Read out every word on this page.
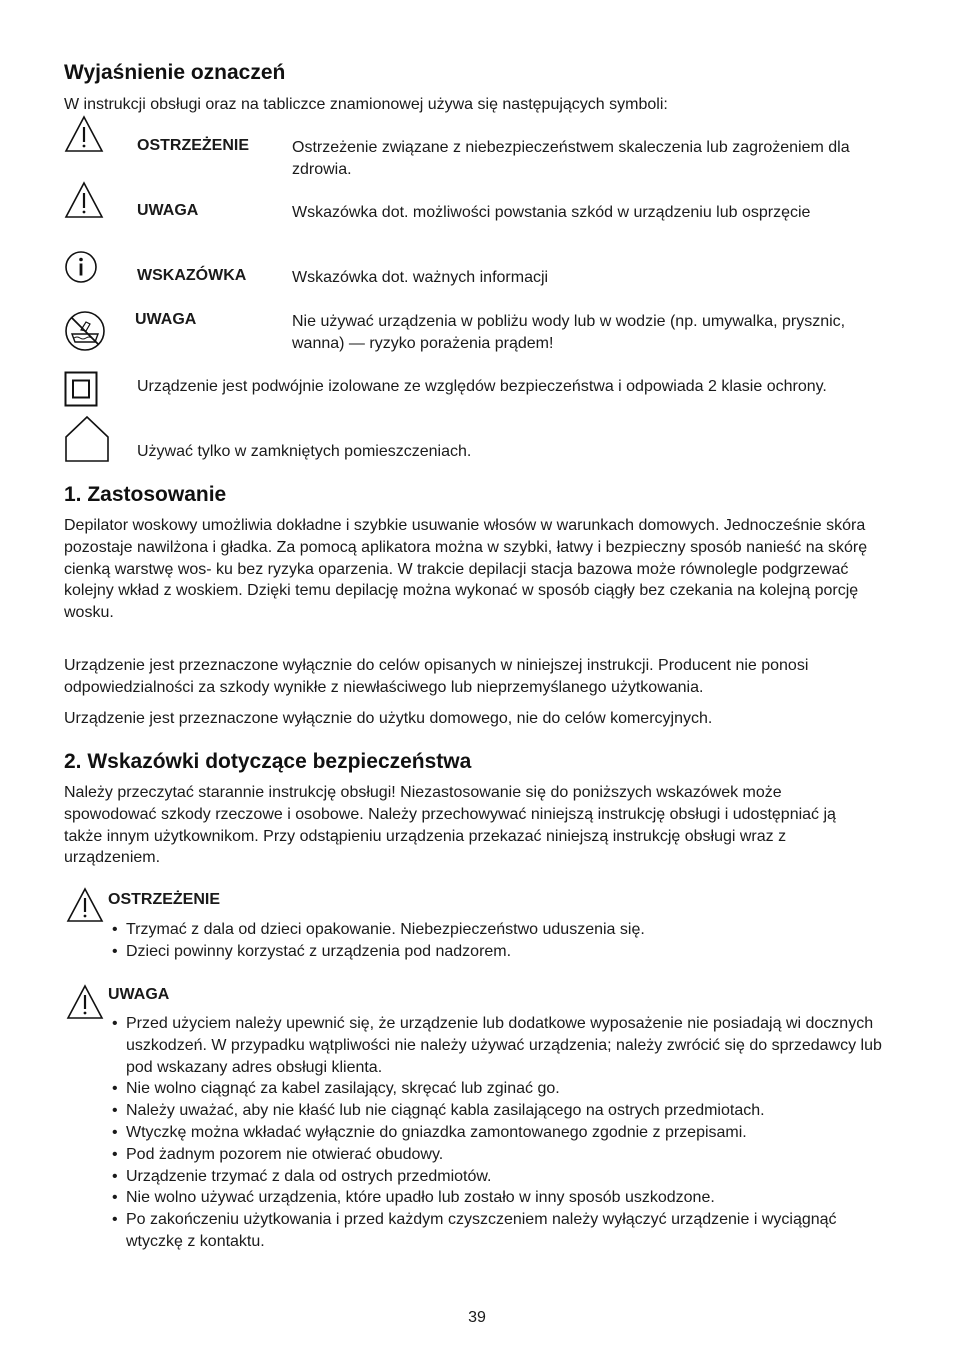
Wyjaśnienie oznaczeń

W instrukcji obsługi oraz na tabliczce znamionowej używa się następujących symboli:

OSTRZEŻENIE	Ostrzeżenie związane z niebezpieczeństwem skaleczenia lub zagrożeniem dla zdrowia.
UWAGA	Wskazówka dot. możliwości powstania szkód w urządzeniu lub osprzęcie
WSKAZÓWKA	Wskazówka dot. ważnych informacji
UWAGA	Nie używać urządzenia w pobliżu wody lub w wodzie (np. umywalka, prysznic, wanna) — ryzyko porażenia prądem!
Urządzenie jest podwójnie izolowane ze względów bezpieczeństwa i odpowiada 2 klasie ochrony.
Używać tylko w zamkniętych pomieszczeniach.
1. Zastosowanie

Depilator woskowy umożliwia dokładne i szybkie usuwanie włosów w warunkach domowych. Jednocześnie skóra pozostaje nawilżona i gładka. Za pomocą aplikatora można w szybki, łatwy i bezpieczny sposób nanieść na skórę cienką warstwę wos- ku bez ryzyka oparzenia. W trakcie depilacji stacja bazowa może równolegle podgrzewać kolejny wkład z woskiem. Dzięki temu depilację można wykonać w sposób ciągły bez czekania na kolejną porcję wosku.

Urządzenie jest przeznaczone wyłącznie do celów opisanych w niniejszej instrukcji. Producent nie ponosi odpowiedzialności za szkody wynikłe z niewłaściwego lub nieprzemyślanego użytkowania.

Urządzenie jest przeznaczone wyłącznie do użytku domowego, nie do celów komercyjnych.

2. Wskazówki dotyczące bezpieczeństwa

Należy przeczytać starannie instrukcję obsługi! Niezastosowanie się do poniższych wskazówek może spowodować szkody rzeczowe i osobowe. Należy przechowywać niniejszą instrukcję obsługi i udostępniać ją także innym użytkownikom. Przy odstąpieniu urządzenia przekazać niniejszą instrukcję obsługi wraz z urządzeniem.

OSTRZEŻENIE
• Trzymać z dala od dzieci opakowanie. Niebezpieczeństwo uduszenia się.
• Dzieci powinny korzystać z urządzenia pod nadzorem.
UWAGA
• Przed użyciem należy upewnić się, że urządzenie lub dodatkowe wyposażenie nie posiadają wi docznych uszkodzeń. W przypadku wątpliwości nie należy używać urządzenia; należy zwrócić się do sprzedawcy lub pod wskazany adres obsługi klienta.
• Nie wolno ciągnąć za kabel zasilający, skręcać lub zginać go.
• Należy uważać, aby nie kłaść lub nie ciągnąć kabla zasilającego na ostrych przedmiotach.
• Wtyczkę można wkładać wyłącznie do gniazdka zamontowanego zgodnie z przepisami.
• Pod żadnym pozorem nie otwierać obudowy.
• Urządzenie trzymać z dala od ostrych przedmiotów.
• Nie wolno używać urządzenia, które upadło lub zostało w inny sposób uszkodzone.
• Po zakończeniu użytkowania i przed każdym czyszczeniem należy wyłączyć urządzenie i wyciągnąć wtyczkę z kontaktu.
39
